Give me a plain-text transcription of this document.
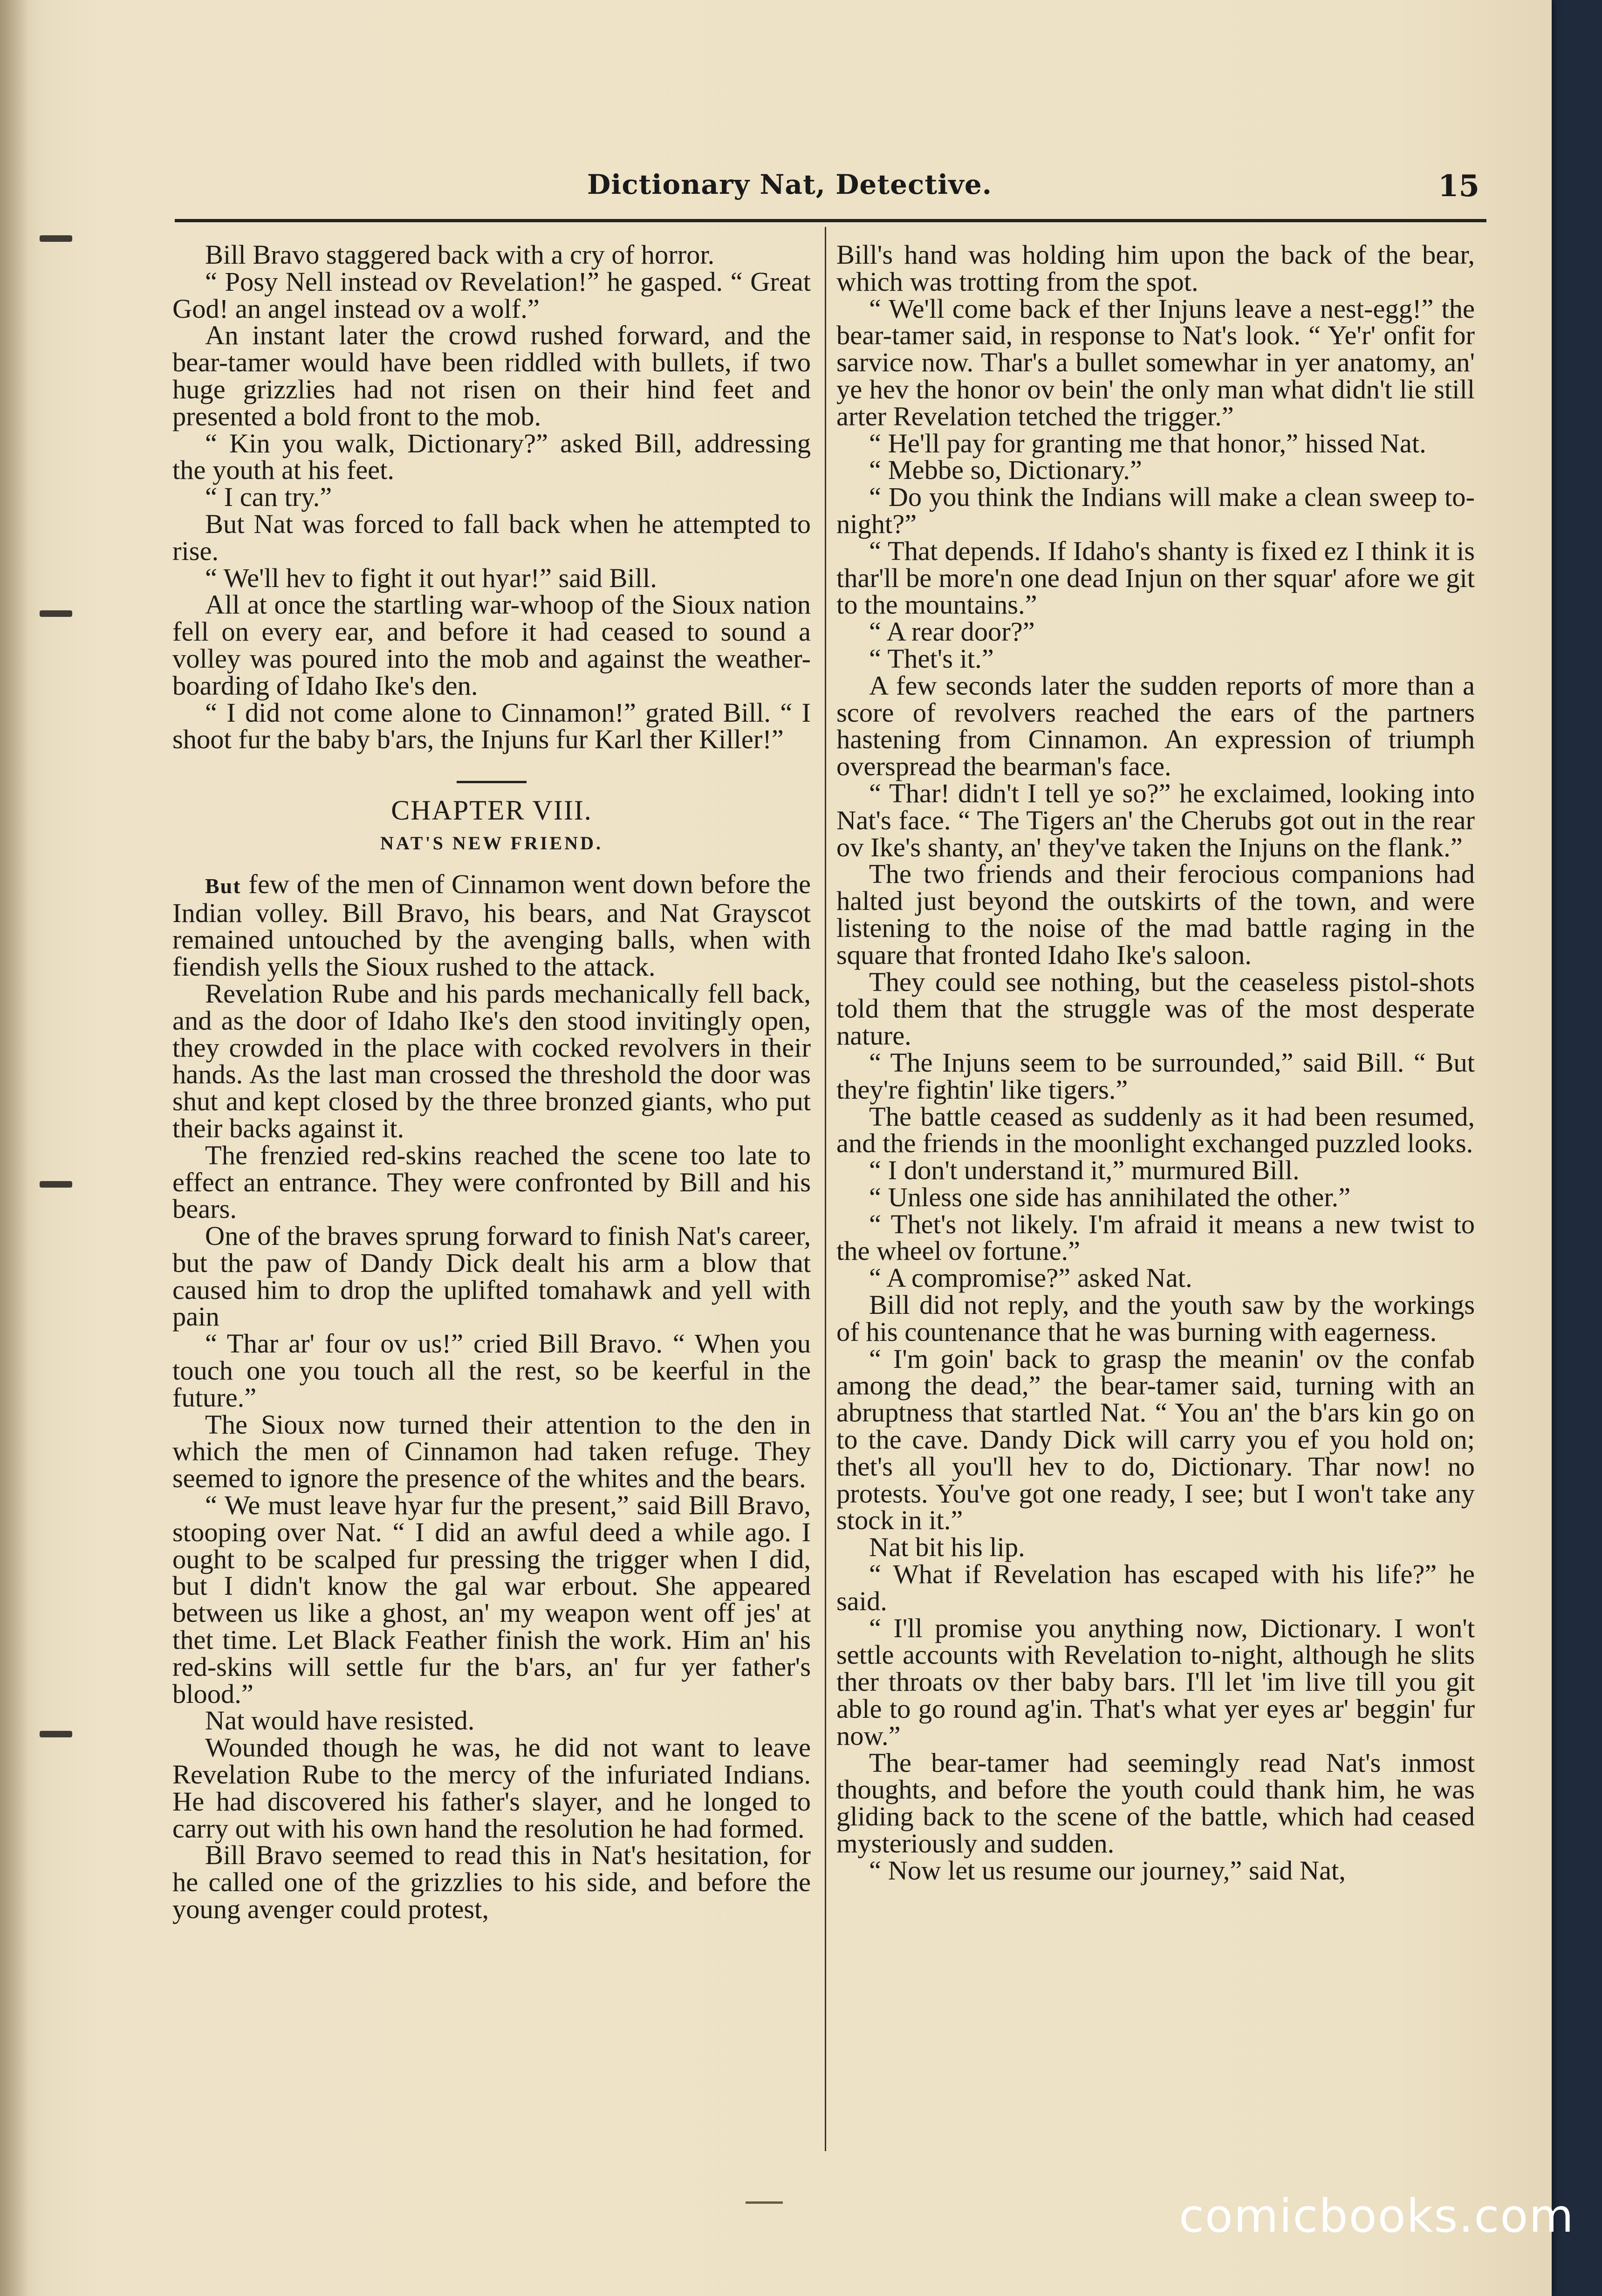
Dictionary Nat, Detective.	15

Bill Bravo staggered back with a cry of horror.

“ Posy Nell instead ov Revelation!” he gasped. “ Great God! an angel instead ov a wolf.”

An instant later the crowd rushed forward, and the bear-tamer would have been riddled with bullets, if two huge grizzlies had not risen on their hind feet and presented a bold front to the mob.

“ Kin you walk, Dictionary?” asked Bill, addressing the youth at his feet.

“ I can try.”

But Nat was forced to fall back when he attempted to rise.

“ We'll hev to fight it out hyar!” said Bill.

All at once the startling war-whoop of the Sioux nation fell on every ear, and before it had ceased to sound a volley was poured into the mob and against the weather-boarding of Idaho Ike's den.

“ I did not come alone to Cinnamon!” grated Bill. “ I shoot fur the baby b'ars, the Injuns fur Karl ther Killer!”

CHAPTER VIII.
NAT'S NEW FRIEND.

But few of the men of Cinnamon went down before the Indian volley. Bill Bravo, his bears, and Nat Grayscot remained untouched by the avenging balls, when with fiendish yells the Sioux rushed to the attack.

Revelation Rube and his pards mechanically fell back, and as the door of Idaho Ike's den stood invitingly open, they crowded in the place with cocked revolvers in their hands. As the last man crossed the threshold the door was shut and kept closed by the three bronzed giants, who put their backs against it.

The frenzied red-skins reached the scene too late to effect an entrance. They were confronted by Bill and his bears.

One of the braves sprung forward to finish Nat's career, but the paw of Dandy Dick dealt his arm a blow that caused him to drop the uplifted tomahawk and yell with pain

“ Thar ar' four ov us!” cried Bill Bravo. “ When you touch one you touch all the rest, so be keerful in the future.”

The Sioux now turned their attention to the den in which the men of Cinnamon had taken refuge. They seemed to ignore the presence of the whites and the bears.

“ We must leave hyar fur the present,” said Bill Bravo, stooping over Nat. “ I did an awful deed a while ago. I ought to be scalped fur pressing the trigger when I did, but I didn't know the gal war erbout. She appeared between us like a ghost, an' my weapon went off jes' at thet time. Let Black Feather finish the work. Him an' his red-skins will settle fur the b'ars, an' fur yer father's blood.”

Nat would have resisted.

Wounded though he was, he did not want to leave Revelation Rube to the mercy of the infuriated Indians. He had discovered his father's slayer, and he longed to carry out with his own hand the resolution he had formed.

Bill Bravo seemed to read this in Nat's hesitation, for he called one of the grizzlies to his side, and before the young avenger could protest,

Bill's hand was holding him upon the back of the bear, which was trotting from the spot.

“ We'll come back ef ther Injuns leave a nest-egg!” the bear-tamer said, in response to Nat's look. “ Ye'r' onfit for sarvice now. Thar's a bullet somewhar in yer anatomy, an' ye hev the honor ov bein' the only man what didn't lie still arter Revelation tetched the trigger.”

“ He'll pay for granting me that honor,” hissed Nat.

“ Mebbe so, Dictionary.”

“ Do you think the Indians will make a clean sweep to-night?”

“ That depends. If Idaho's shanty is fixed ez I think it is thar'll be more'n one dead Injun on ther squar' afore we git to the mountains.”

“ A rear door?”

“ Thet's it.”

A few seconds later the sudden reports of more than a score of revolvers reached the ears of the partners hastening from Cinnamon. An expression of triumph overspread the bearman's face.

“ Thar! didn't I tell ye so?” he exclaimed, looking into Nat's face. “ The Tigers an' the Cherubs got out in the rear ov Ike's shanty, an' they've taken the Injuns on the flank.”

The two friends and their ferocious companions had halted just beyond the outskirts of the town, and were listening to the noise of the mad battle raging in the square that fronted Idaho Ike's saloon.

They could see nothing, but the ceaseless pistol-shots told them that the struggle was of the most desperate nature.

“ The Injuns seem to be surrounded,” said Bill. “ But they're fightin' like tigers.”

The battle ceased as suddenly as it had been resumed, and the friends in the moonlight exchanged puzzled looks.

“ I don't understand it,” murmured Bill.

“ Unless one side has annihilated the other.”

“ Thet's not likely. I'm afraid it means a new twist to the wheel ov fortune.”

“ A compromise?” asked Nat.

Bill did not reply, and the youth saw by the workings of his countenance that he was burning with eagerness.

“ I'm goin' back to grasp the meanin' ov the confab among the dead,” the bear-tamer said, turning with an abruptness that startled Nat. “ You an' the b'ars kin go on to the cave. Dandy Dick will carry you ef you hold on; thet's all you'll hev to do, Dictionary. Thar now! no protests. You've got one ready, I see; but I won't take any stock in it.”

Nat bit his lip.

“ What if Revelation has escaped with his life?” he said.

“ I'll promise you anything now, Dictionary. I won't settle accounts with Revelation to-night, although he slits ther throats ov ther baby bars. I'll let 'im live till you git able to go round ag'in. That's what yer eyes ar' beggin' fur now.”

The bear-tamer had seemingly read Nat's inmost thoughts, and before the youth could thank him, he was gliding back to the scene of the battle, which had ceased mysteriously and sudden.

“ Now let us resume our journey,” said Nat,

comicbooks.com
